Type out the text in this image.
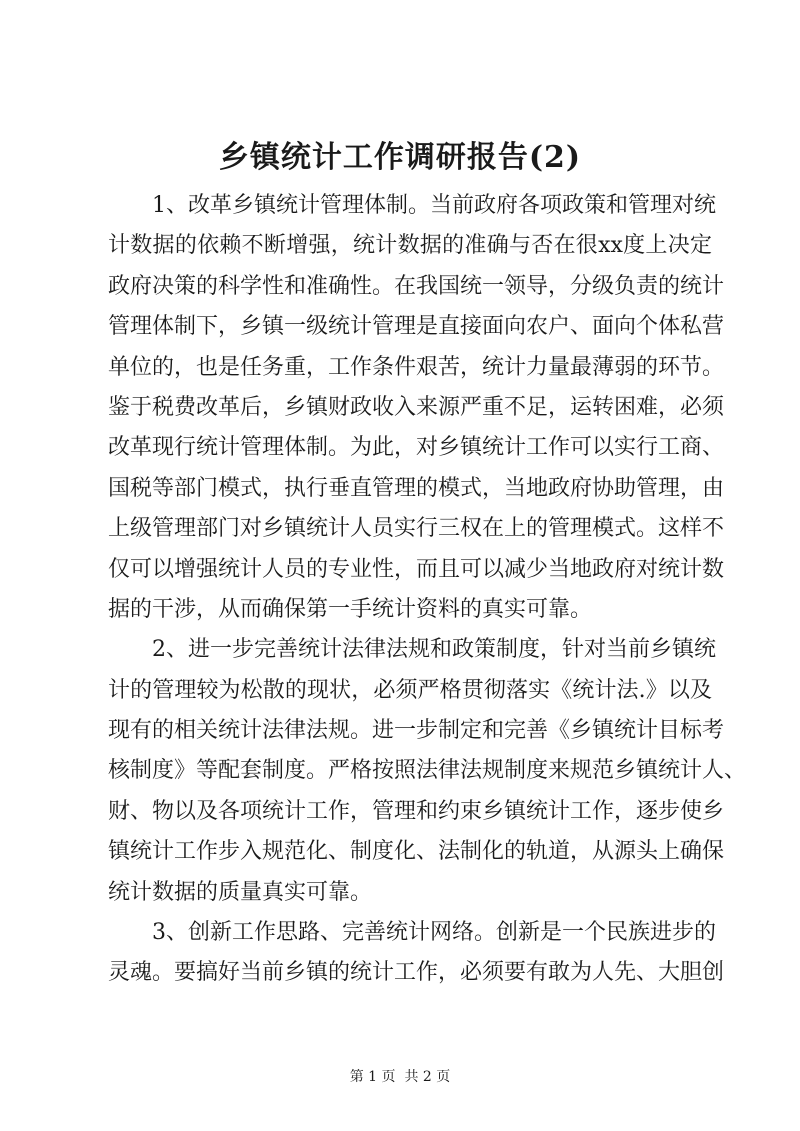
乡镇统计工作调研报告(2)

1、改革乡镇统计管理体制。当前政府各项政策和管理对统
计数据的依赖不断增强，统计数据的准确与否在很xx度上决定
政府决策的科学性和准确性。在我国统一领导，分级负责的统计
管理体制下，乡镇一级统计管理是直接面向农户、面向个体私营
单位的，也是任务重，工作条件艰苦，统计力量最薄弱的环节。
鉴于税费改革后，乡镇财政收入来源严重不足，运转困难，必须
改革现行统计管理体制。为此，对乡镇统计工作可以实行工商、
国税等部门模式，执行垂直管理的模式，当地政府协助管理，由
上级管理部门对乡镇统计人员实行三权在上的管理模式。这样不
仅可以增强统计人员的专业性，而且可以减少当地政府对统计数
据的干涉，从而确保第一手统计资料的真实可靠。

2、进一步完善统计法律法规和政策制度，针对当前乡镇统
计的管理较为松散的现状，必须严格贯彻落实《统计法.》以及
现有的相关统计法律法规。进一步制定和完善《乡镇统计目标考
核制度》等配套制度。严格按照法律法规制度来规范乡镇统计人、
财、物以及各项统计工作，管理和约束乡镇统计工作，逐步使乡
镇统计工作步入规范化、制度化、法制化的轨道，从源头上确保
统计数据的质量真实可靠。

3、创新工作思路、完善统计网络。创新是一个民族进步的
灵魂。要搞好当前乡镇的统计工作，必须要有敢为人先、大胆创

第 1 页  共 2 页
